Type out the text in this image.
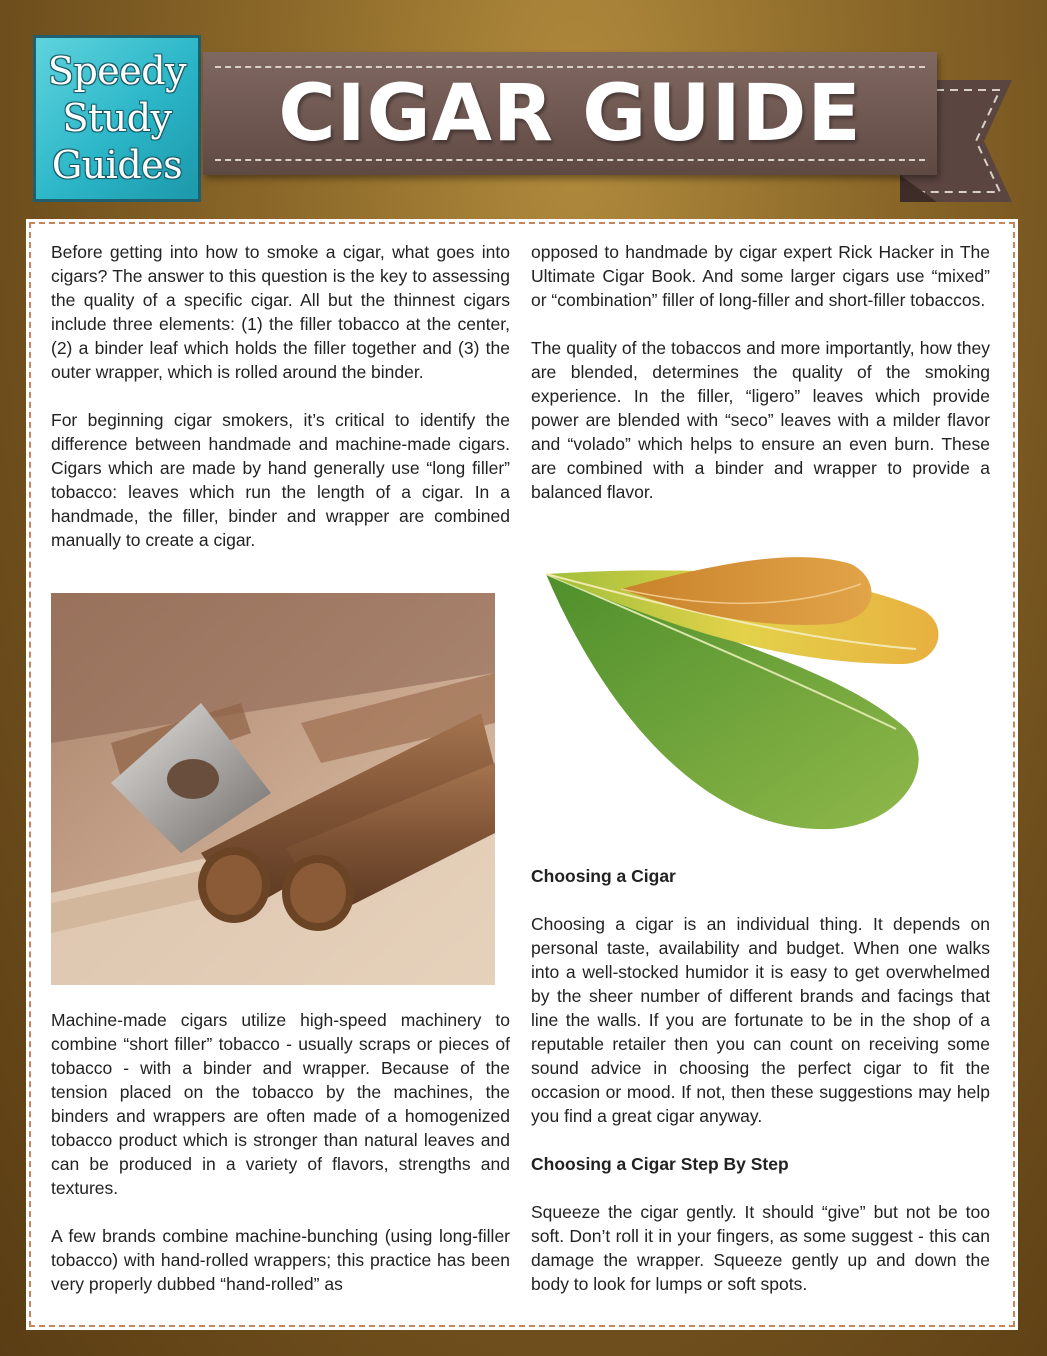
Speedy
Study
Guides
CIGAR GUIDE

Before getting into how to smoke a cigar, what goes into cigars? The answer to this question is the key to assessing the quality of a specific cigar. All but the thinnest cigars include three elements: (1) the filler tobacco at the center, (2) a binder leaf which holds the filler together and (3) the outer wrapper, which is rolled around the binder.

For beginning cigar smokers, it’s critical to identify the difference between handmade and machine-made cigars. Cigars which are made by hand generally use “long filler” tobacco: leaves which run the length of a cigar. In a handmade, the filler, binder and wrapper are combined manually to create a cigar.

Machine-made cigars utilize high-speed machinery to combine “short filler” tobacco - usually scraps or pieces of tobacco - with a binder and wrapper. Because of the tension placed on the tobacco by the machines, the binders and wrappers are often made of a homogenized tobacco product which is stronger than natural leaves and can be produced in a variety of flavors, strengths and textures.

A few brands combine machine-bunching (using long-filler tobacco) with hand-rolled wrappers; this practice has been very properly dubbed “hand-rolled” as

opposed to handmade by cigar expert Rick Hacker in The Ultimate Cigar Book. And some larger cigars use “mixed” or “combination” filler of long-filler and short-filler tobaccos.

The quality of the tobaccos and more importantly, how they are blended, determines the quality of the smoking experience. In the filler, “ligero” leaves which provide power are blended with “seco” leaves with a milder flavor and “volado” which helps to ensure an even burn. These are combined with a binder and wrapper to provide a balanced flavor.

Choosing a Cigar

Choosing a cigar is an individual thing. It depends on personal taste, availability and budget. When one walks into a well-stocked humidor it is easy to get overwhelmed by the sheer number of different brands and facings that line the walls. If you are fortunate to be in the shop of a reputable retailer then you can count on receiving some sound advice in choosing the perfect cigar to fit the occasion or mood. If not, then these suggestions may help you find a great cigar anyway.

Choosing a Cigar Step By Step

Squeeze the cigar gently. It should “give” but not be too soft. Don’t roll it in your fingers, as some suggest - this can damage the wrapper. Squeeze gently up and down the body to look for lumps or soft spots.
